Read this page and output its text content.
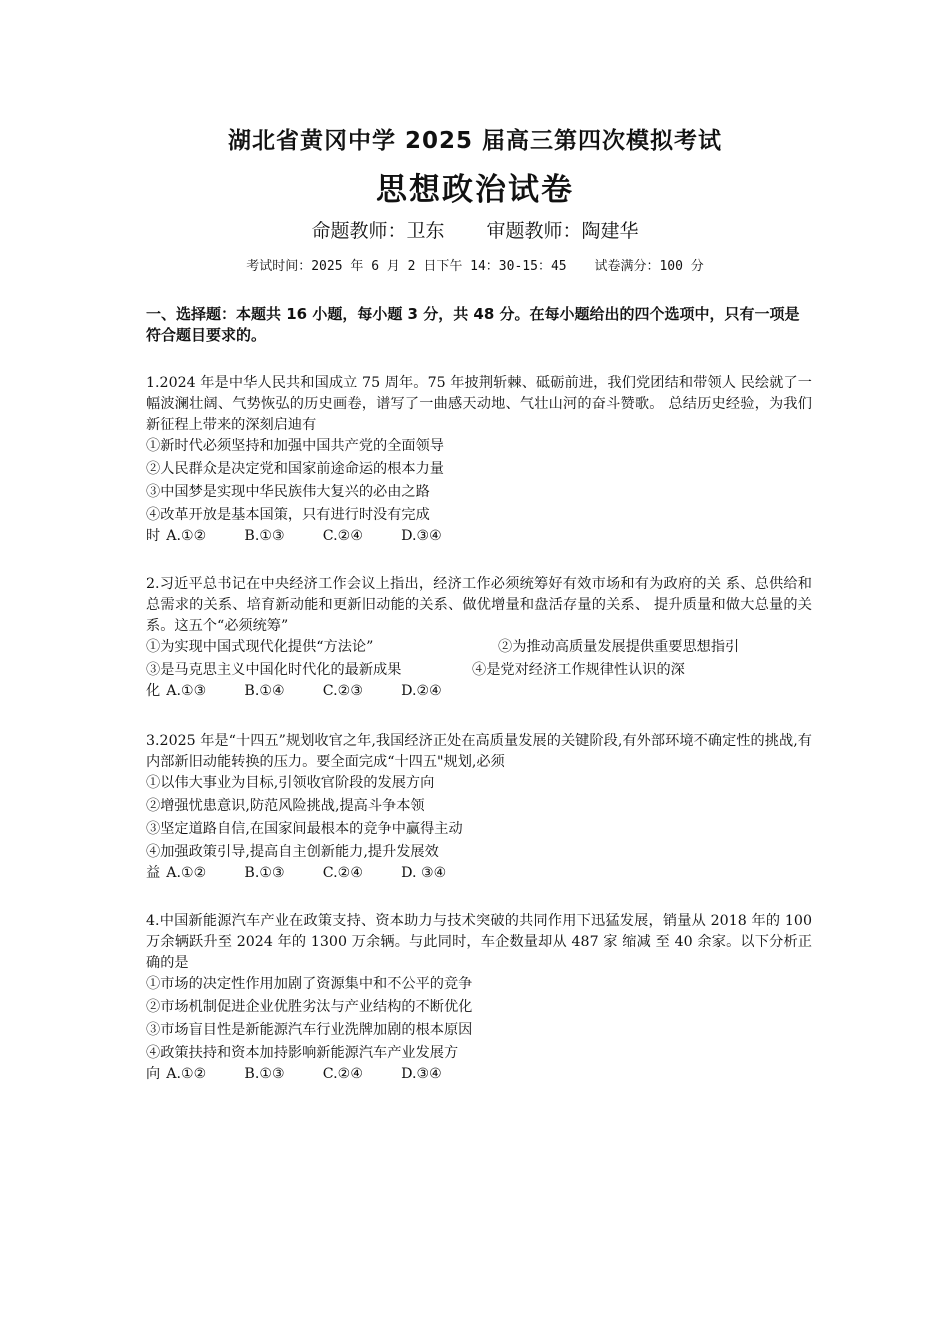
湖北省黄冈中学 2025 届高三第四次模拟考试
思想政治试卷
命题教师：卫东 审题教师：陶建华
考试时间：2025 年 6 月 2 日下午 14：30-15：45 试卷满分：100 分
一、选择题：本题共 16 小题，每小题 3 分，共 48 分。在每小题给出的四个选项中，只有一项是符合题目要求的。
1.2024 年是中华人民共和国成立 75 周年。75 年披荆斩棘、砥砺前进，我们党团结和带领人 民绘就了一幅波澜壮阔、气势恢弘的历史画卷，谱写了一曲感天动地、气壮山河的奋斗赞歌。 总结历史经验，为我们新征程上带来的深刻启迪有
①新时代必须坚持和加强中国共产党的全面领导
②人民群众是决定党和国家前途命运的根本力量
③中国梦是实现中华民族伟大复兴的必由之路
④改革开放是基本国策，只有进行时没有完成
时 A.①②	B.①③	C.②④	D.③④
2.习近平总书记在中央经济工作会议上指出，经济工作必须统筹好有效市场和有为政府的关 系、总供给和总需求的关系、培育新动能和更新旧动能的关系、做优增量和盘活存量的关系、 提升质量和做大总量的关系。这五个“必须统筹”
①为实现中国式现代化提供“方法论”	②为推动高质量发展提供重要思想指引
③是马克思主义中国化时代化的最新成果	④是党对经济工作规律性认识的深
化 A.①③	B.①④	C.②③	D.②④
3.2025 年是“十四五”规划收官之年,我国经济正处在高质量发展的关键阶段,有外部环境不确定性的挑战,有内部新旧动能转换的压力。要全面完成“十四五"规划,必须
①以伟大事业为目标,引领收官阶段的发展方向
②增强忧患意识,防范风险挑战,提高斗争本领
③坚定道路自信,在国家间最根本的竞争中赢得主动
④加强政策引导,提高自主创新能力,提升发展效
益 A.①②	B.①③	C.②④	D. ③④
4.中国新能源汽车产业在政策支持、资本助力与技术突破的共同作用下迅猛发展，销量从 2018 年的 100 万余辆跃升至 2024 年的 1300 万余辆。与此同时，车企数量却从 487 家 缩减 至 40 余家。以下分析正确的是
①市场的决定性作用加剧了资源集中和不公平的竞争
②市场机制促进企业优胜劣汰与产业结构的不断优化
③市场盲目性是新能源汽车行业洗牌加剧的根本原因
④政策扶持和资本加持影响新能源汽车产业发展方
向 A.①②	B.①③	C.②④	D.③④
